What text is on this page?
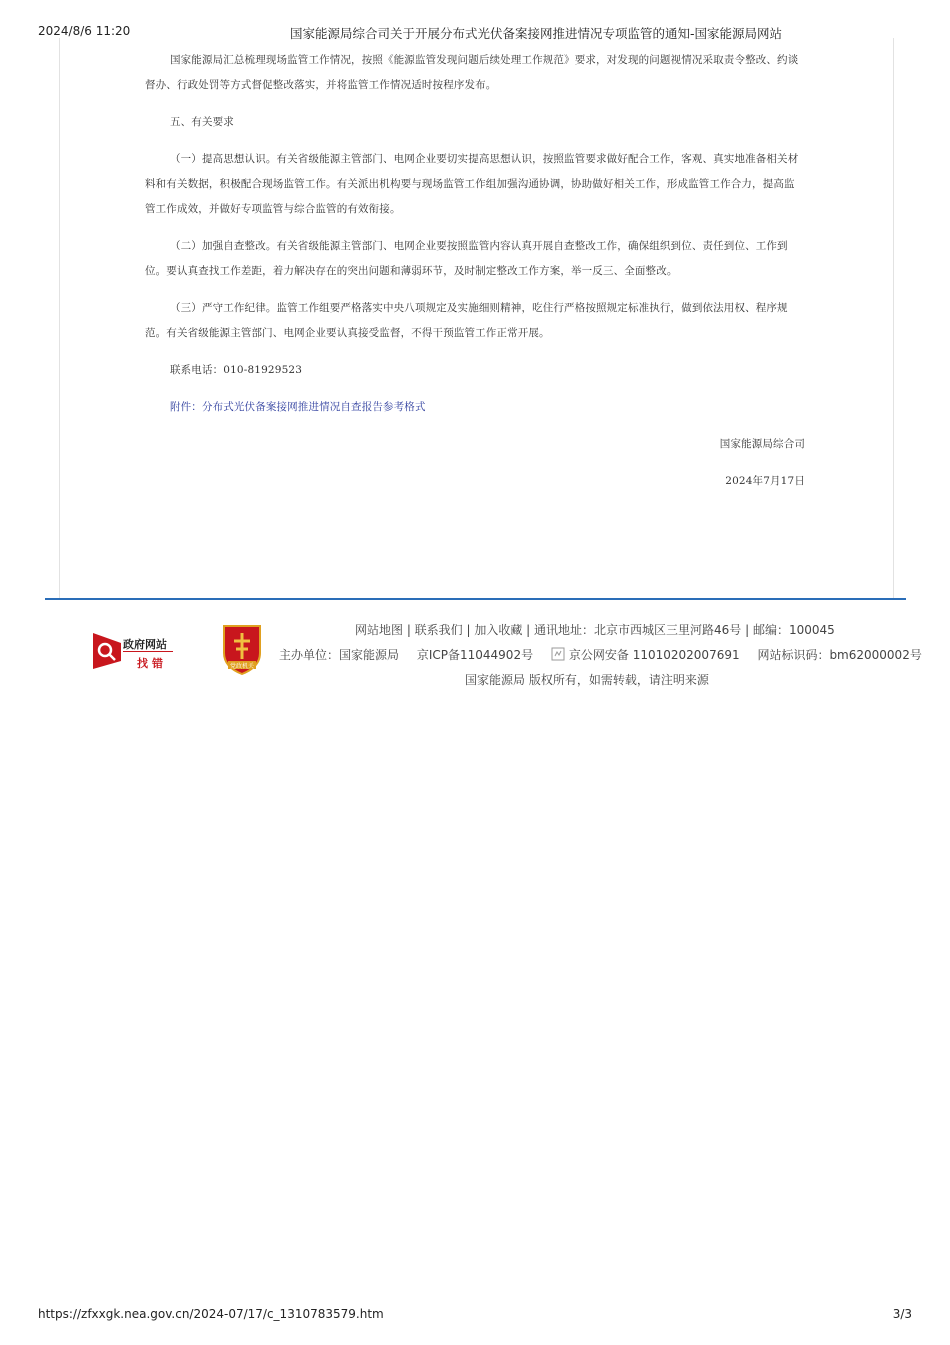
2024/8/6 11:20	国家能源局综合司关于开展分布式光伏备案接网推进情况专项监管的通知-国家能源局网站

国家能源局汇总梳理现场监管工作情况，按照《能源监管发现问题后续处理工作规范》要求，对发现的问题视情况采取责令整改、约谈督办、行政处罚等方式督促整改落实，并将监管工作情况适时按程序发布。

五、有关要求

（一）提高思想认识。有关省级能源主管部门、电网企业要切实提高思想认识，按照监管要求做好配合工作，客观、真实地准备相关材料和有关数据，积极配合现场监管工作。有关派出机构要与现场监管工作组加强沟通协调，协助做好相关工作，形成监管工作合力，提高监管工作成效，并做好专项监管与综合监管的有效衔接。

（二）加强自查整改。有关省级能源主管部门、电网企业要按照监管内容认真开展自查整改工作，确保组织到位、责任到位、工作到位。要认真查找工作差距，着力解决存在的突出问题和薄弱环节，及时制定整改工作方案，举一反三、全面整改。

（三）严守工作纪律。监管工作组要严格落实中央八项规定及实施细则精神，吃住行严格按照规定标准执行，做到依法用权、程序规范。有关省级能源主管部门、电网企业要认真接受监督，不得干预监管工作正常开展。

联系电话：010-81929523

附件：分布式光伏备案接网推进情况自查报告参考格式

国家能源局综合司

2024年7月17日

政府网站
找错	党政机关
网站地图 | 联系我们 | 加入收藏 | 通讯地址：北京市西城区三里河路46号 | 邮编：100045
主办单位：国家能源局 京ICP备11044902号	京公网安备 11010202007691 网站标识码：bm62000002号
国家能源局 版权所有，如需转载，请注明来源
https://zfxxgk.nea.gov.cn/2024-07/17/c_1310783579.htm	3/3
